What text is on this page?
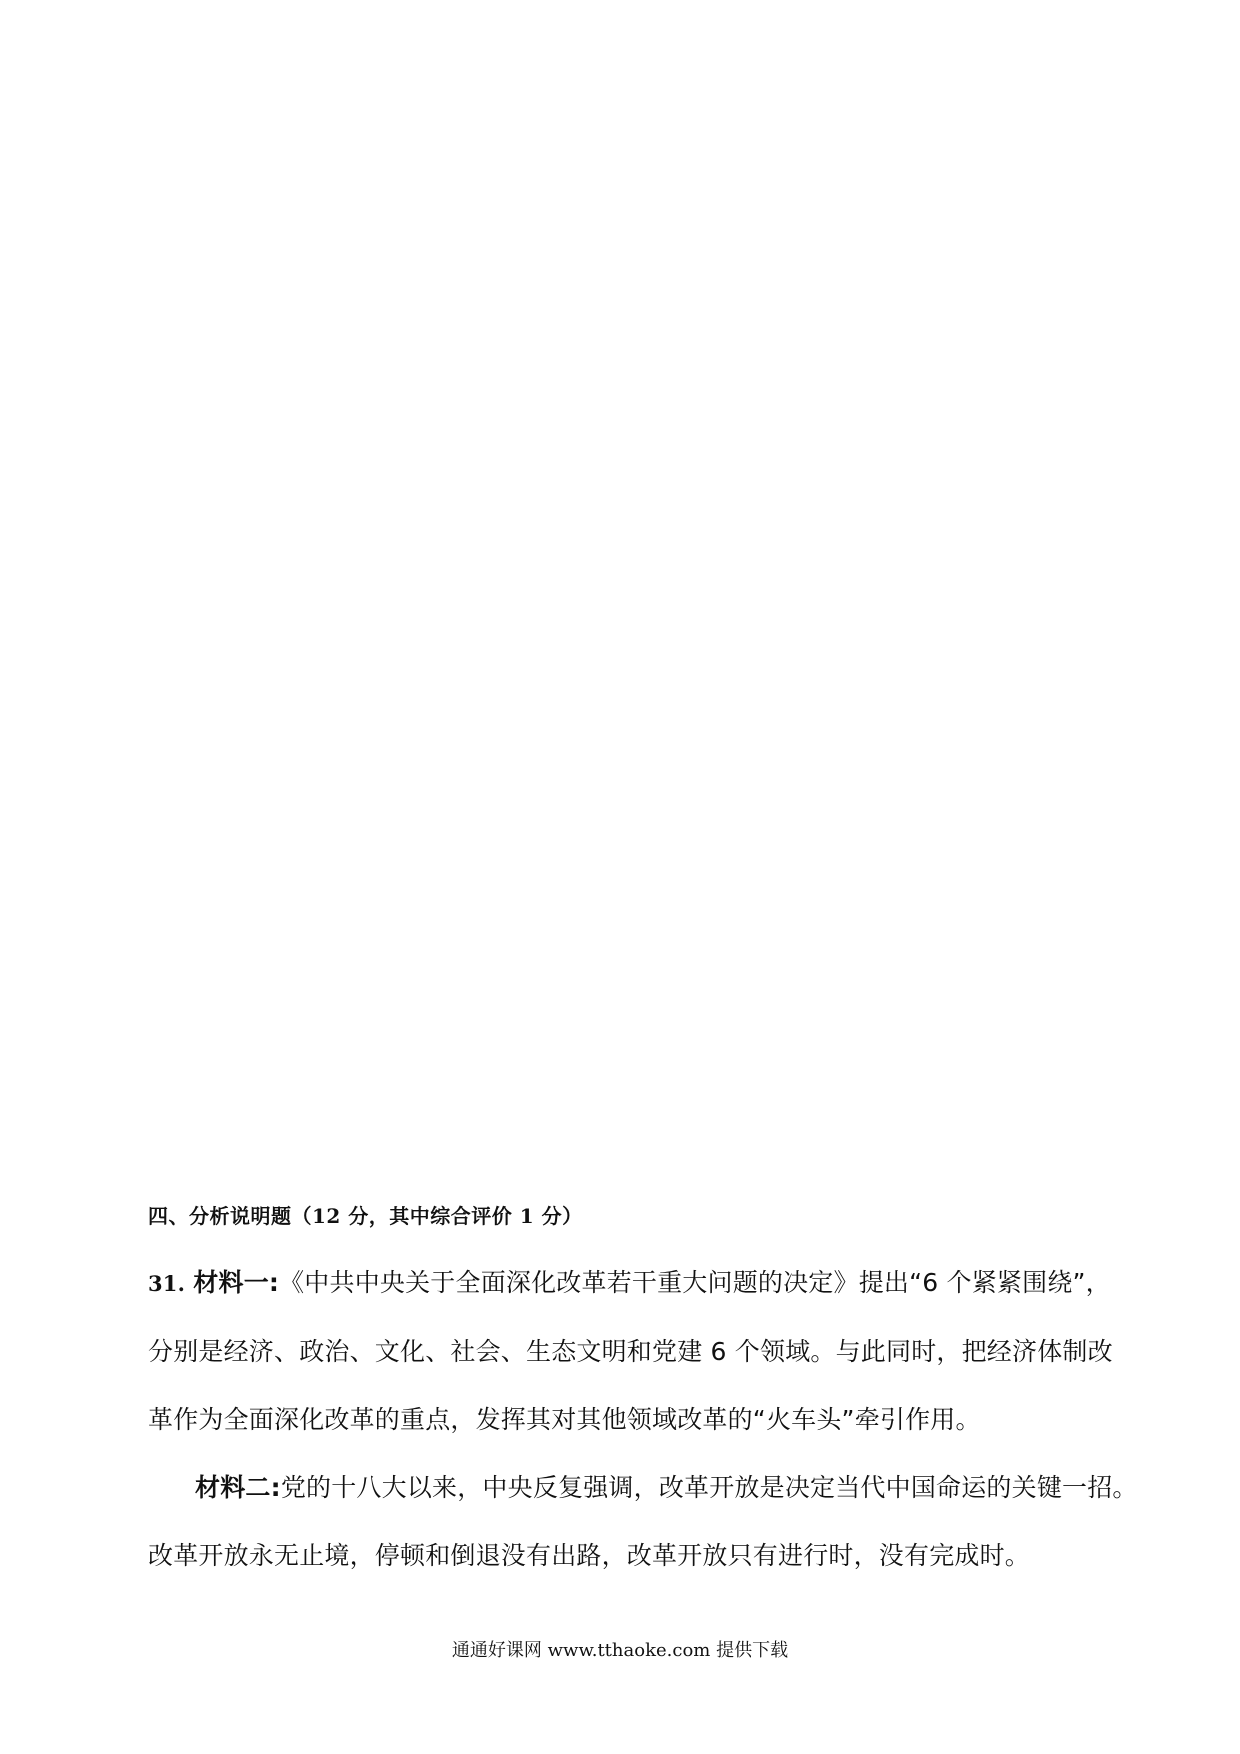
四、分析说明题（12 分，其中综合评价 1 分）
31. 材料一:《中共中央关于全面深化改革若干重大问题的决定》提出“6 个紧紧围绕”，
分别是经济、政治、文化、社会、生态文明和党建 6 个领域。与此同时，把经济体制改
革作为全面深化改革的重点，发挥其对其他领域改革的“火车头”牵引作用。
材料二:党的十八大以来，中央反复强调，改革开放是决定当代中国命运的关键一招。
改革开放永无止境，停顿和倒退没有出路，改革开放只有进行时，没有完成时。
通通好课网 www.tthaoke.com 提供下载
